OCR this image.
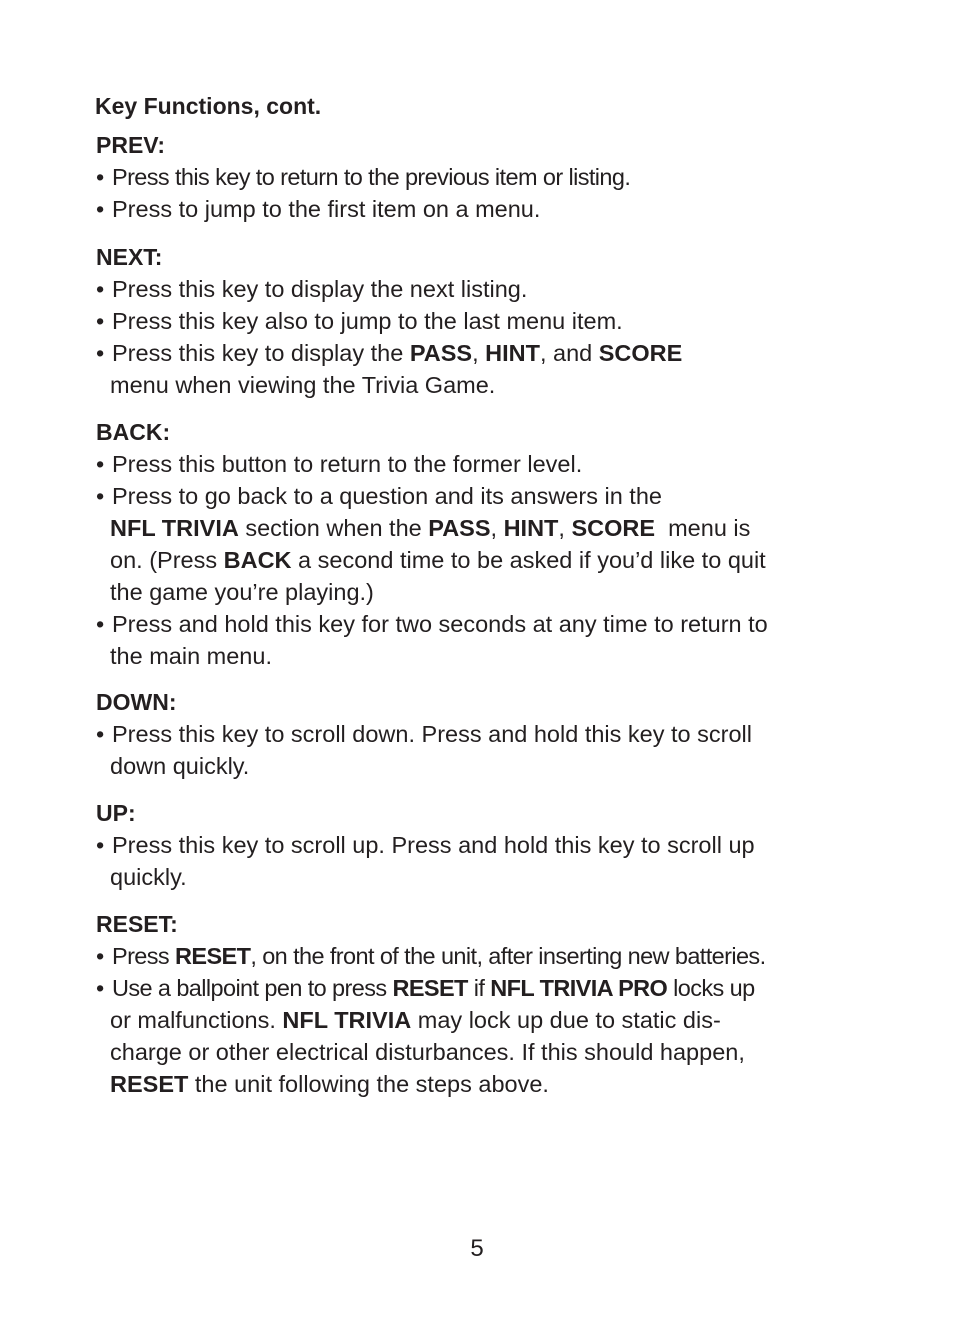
Key Functions, cont.
PREV:
• Press this key to return to the previous item or listing.
• Press to jump to the first item on a menu.
NEXT:
• Press this key to display the next listing.
• Press this key also to jump to the last menu item.
• Press this key to display the PASS, HINT, and SCORE
menu when viewing the Trivia Game.
BACK:
• Press this button to return to the former level.
• Press to go back to a question and its answers in the
NFL TRIVIA section when the PASS, HINT, SCORE  menu is
on. (Press BACK a second time to be asked if you’d like to quit
the game you’re playing.)
• Press and hold this key for two seconds at any time to return to
the main menu.
DOWN:
• Press this key to scroll down. Press and hold this key to scroll
down quickly.
UP:
• Press this key to scroll up. Press and hold this key to scroll up
quickly.
RESET:
• Press RESET, on the front of the unit, after inserting new batteries.
• Use a ballpoint pen to press RESET if NFL TRIVIA PRO locks up
or malfunctions. NFL TRIVIA may lock up due to static dis-
charge or other electrical disturbances. If this should happen,
RESET the unit following the steps above.
5
